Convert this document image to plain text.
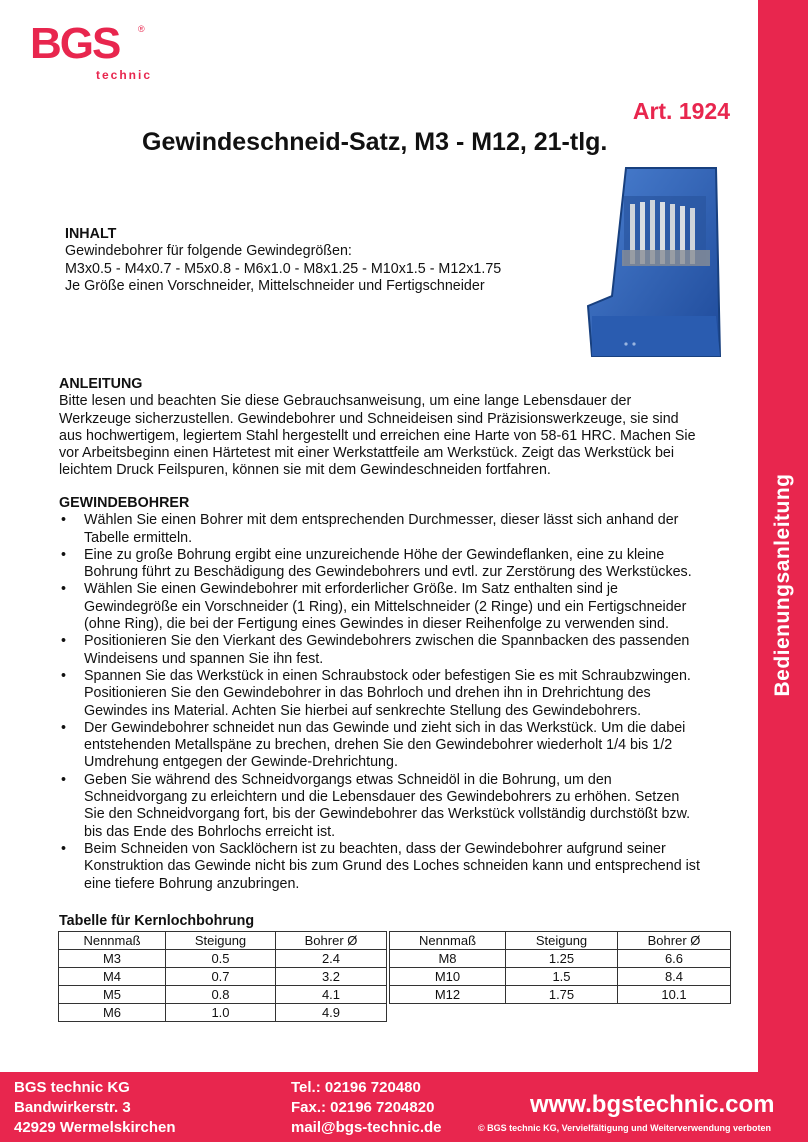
Bedienungsanleitung
BGS ®
technic
Art. 1924
Gewindeschneid-Satz, M3 - M12, 21-tlg.
INHALT
Gewindebohrer für folgende Gewindegrößen:
M3x0.5 - M4x0.7 - M5x0.8 - M6x1.0 - M8x1.25 - M10x1.5 - M12x1.75
Je Größe einen Vorschneider, Mittelschneider und Fertigschneider
ANLEITUNG
Bitte lesen und beachten Sie diese Gebrauchsanweisung, um eine lange Lebensdauer der
Werkzeuge sicherzustellen. Gewindebohrer und Schneideisen sind Präzisionswerkzeuge, sie sind
aus hochwertigem, legiertem Stahl hergestellt und erreichen eine Harte von 58-61 HRC. Machen Sie
vor Arbeitsbeginn einen Härtetest mit einer Werkstattfeile am Werkstück. Zeigt das Werkstück bei
leichtem Druck Feilspuren, können sie mit dem Gewindeschneiden fortfahren.
GEWINDEBOHRER
• Wählen Sie einen Bohrer mit dem entsprechenden Durchmesser, dieser lässt sich anhand der
Tabelle ermitteln.
• Eine zu große Bohrung ergibt eine unzureichende Höhe der Gewindeflanken, eine zu kleine
Bohrung führt zu Beschädigung des Gewindebohrers und evtl. zur Zerstörung des Werkstückes.
• Wählen Sie einen Gewindebohrer mit erforderlicher Größe. Im Satz enthalten sind je
Gewindegröße ein Vorschneider (1 Ring), ein Mittelschneider (2 Ringe) und ein Fertigschneider
(ohne Ring), die bei der Fertigung eines Gewindes in dieser Reihenfolge zu verwenden sind.
• Positionieren Sie den Vierkant des Gewindebohrers zwischen die Spannbacken des passenden
Windeisens und spannen Sie ihn fest.
• Spannen Sie das Werkstück in einen Schraubstock oder befestigen Sie es mit Schraubzwingen.
Positionieren Sie den Gewindebohrer in das Bohrloch und drehen ihn in Drehrichtung des
Gewindes ins Material. Achten Sie hierbei auf senkrechte Stellung des Gewindebohrers.
• Der Gewindebohrer schneidet nun das Gewinde und zieht sich in das Werkstück. Um die dabei
entstehenden Metallspäne zu brechen, drehen Sie den Gewindebohrer wiederholt 1/4 bis 1/2
Umdrehung entgegen der Gewinde-Drehrichtung.
• Geben Sie während des Schneidvorgangs etwas Schneidöl in die Bohrung, um den
Schneidvorgang zu erleichtern und die Lebensdauer des Gewindebohrers zu erhöhen. Setzen
Sie den Schneidvorgang fort, bis der Gewindebohrer das Werkstück vollständig durchstößt bzw.
bis das Ende des Bohrlochs erreicht ist.
• Beim Schneiden von Sacklöchern ist zu beachten, dass der Gewindebohrer aufgrund seiner
Konstruktion das Gewinde nicht bis zum Grund des Loches schneiden kann und entsprechend ist
eine tiefere Bohrung anzubringen.
Tabelle für Kernlochbohrung
Nennmaß	Steigung	Bohrer Ø
M3	0.5	2.4
M4	0.7	3.2
M5	0.8	4.1
M6	1.0	4.9
Nennmaß	Steigung	Bohrer Ø
M8	1.25	6.6
M10	1.5	8.4
M12	1.75	10.1
BGS technic KG
Bandwirkerstr. 3
42929 Wermelskirchen
Tel.: 02196 720480
Fax.: 02196 7204820
mail@bgs-technic.de
www.bgstechnic.com
© BGS technic KG, Vervielfältigung und Weiterverwendung verboten
